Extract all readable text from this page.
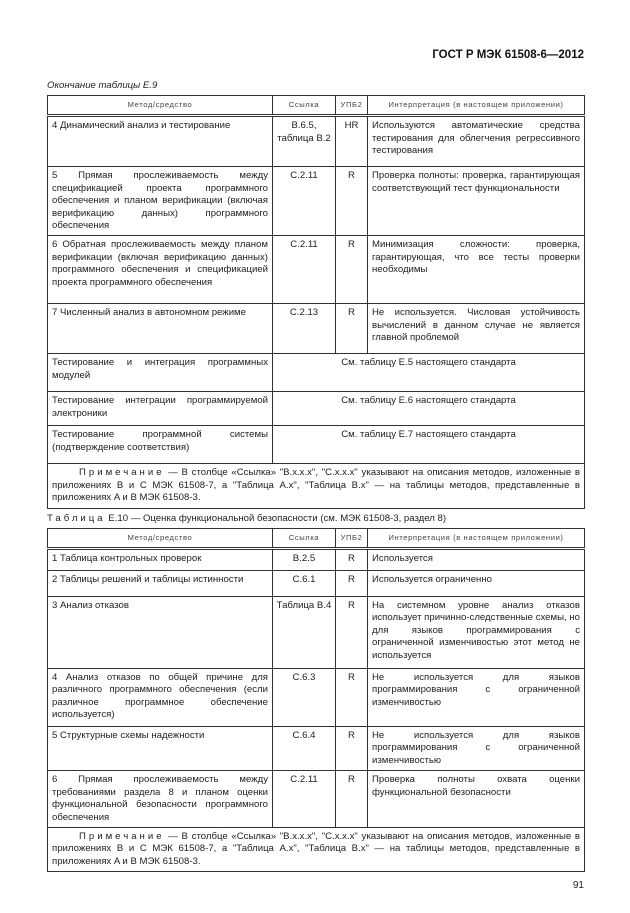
ГОСТ Р МЭК 61508-6—2012
Окончание таблицы E.9
Метод/средство	Ссылка	УПБ2	Интерпретация (в настоящем приложении)
4 Динамический анализ и тестирование	B.6.5, таблица B.2	HR	Используются автоматические средства тестирования для облегчения регрессивного тестирования
5 Прямая прослеживаемость между спецификацией проекта программного обеспечения и планом верификации (включая верификацию данных) программного обеспечения	C.2.11	R	Проверка полноты: проверка, гарантирующая соответствующий тест функциональности
6 Обратная прослеживаемость между планом верификации (включая верификацию данных) программного обеспечения и спецификацией проекта программного обеспечения	C.2.11	R	Минимизация сложности: проверка, гарантирующая, что все тесты проверки необходимы
7 Численный анализ в автономном режиме	C.2.13	R	Не используется. Числовая устойчивость вычислений в данном случае не является главной проблемой
Тестирование и интеграция программных модулей	См. таблицу E.5 настоящего стандарта		
Тестирование интеграции программируемой электроники	См. таблицу E.6 настоящего стандарта		
Тестирование программной системы (подтверждение соответствия)	См. таблицу E.7 настоящего стандарта		
Примечание — В столбце «Ссылка» "B.x.x.x", "C.x.x.x" указывают на описания методов, изложенные в приложениях B и C МЭК 61508-7, а "Таблица A.x", "Таблица B.x" — на таблицы методов, представленные в приложениях A и B МЭК 61508-3.			
Таблица E.10 — Оценка функциональной безопасности (см. МЭК 61508-3, раздел 8)
Метод/средство	Ссылка	УПБ2	Интерпретация (в настоящем приложении)
1 Таблица контрольных проверок	B.2.5	R	Используется
2 Таблицы решений и таблицы истинности	C.6.1	R	Используется ограниченно
3 Анализ отказов	Таблица B.4	R	На системном уровне анализ отказов использует причинно-следственные схемы, но для языков программирования с ограниченной изменчивостью этот метод не используется
4 Анализ отказов по общей причине для различного программного обеспечения (если различное программное обеспечение используется)	C.6.3	R	Не используется для языков программирования с ограниченной изменчивостью
5 Структурные схемы надежности	C.6.4	R	Не используется для языков программирования с ограниченной изменчивостью
6 Прямая прослеживаемость между требованиями раздела 8 и планом оценки функциональной безопасности программного обеспечения	C.2.11	R	Проверка полноты охвата оценки функциональной безопасности
Примечание — В столбце «Ссылка» "B.x.x.x", "C.x.x.x" указывают на описания методов, изложенные в приложениях B и C МЭК 61508-7, а "Таблица A.x", "Таблица B.x" — на таблицы методов, представленные в приложениях A и B МЭК 61508-3.			
91
